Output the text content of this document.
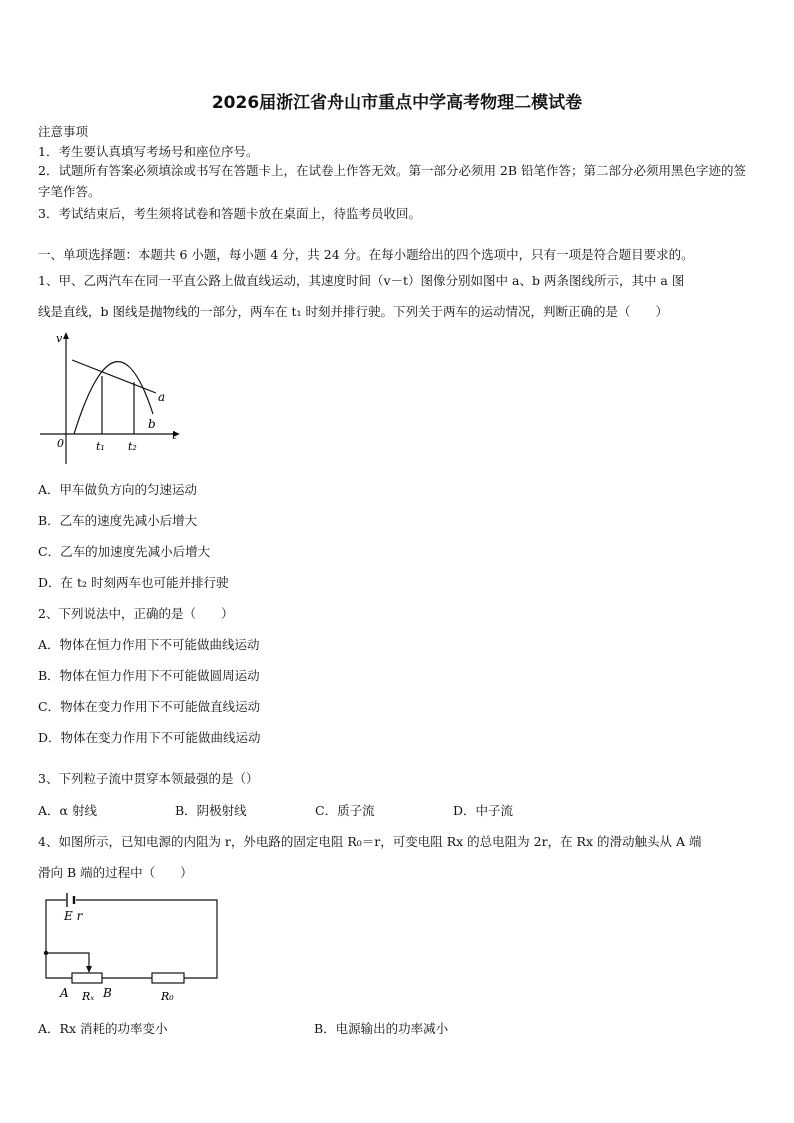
2026届浙江省舟山市重点中学高考物理二模试卷
注意事项
1．考生要认真填写考场号和座位序号。
2．试题所有答案必须填涂或书写在答题卡上，在试卷上作答无效。第一部分必须用 2B 铅笔作答；第二部分必须用黑色字迹的签字笔作答。
3．考试结束后，考生须将试卷和答题卡放在桌面上，待监考员收回。
一、单项选择题：本题共 6 小题，每小题 4 分，共 24 分。在每小题给出的四个选项中，只有一项是符合题目要求的。
1、甲、乙两汽车在同一平直公路上做直线运动，其速度时间（v－t）图像分别如图中 a、b 两条图线所示，其中 a 图
线是直线，b 图线是抛物线的一部分，两车在 t₁ 时刻并排行驶。下列关于两车的运动情况，判断正确的是（　　）
v
t
0	t₁ t₂
a
b
A．甲车做负方向的匀速运动
B．乙车的速度先减小后增大
C．乙车的加速度先减小后增大
D．在 t₂ 时刻两车也可能并排行驶
2、下列说法中，正确的是（　　）
A．物体在恒力作用下不可能做曲线运动
B．物体在恒力作用下不可能做圆周运动
C．物体在变力作用下不可能做直线运动
D．物体在变力作用下不可能做曲线运动
3、下列粒子流中贯穿本领最强的是（）
A．α 射线	B．阴极射线	C．质子流	D．中子流
4、如图所示，已知电源的内阻为 r，外电路的固定电阻 R₀＝r，可变电阻 Rx 的总电阻为 2r，在 Rx 的滑动触头从 A 端
滑向 B 端的过程中（　　）
E r
A Rₓ B	R₀
A．Rx 消耗的功率变小	B．电源输出的功率减小
